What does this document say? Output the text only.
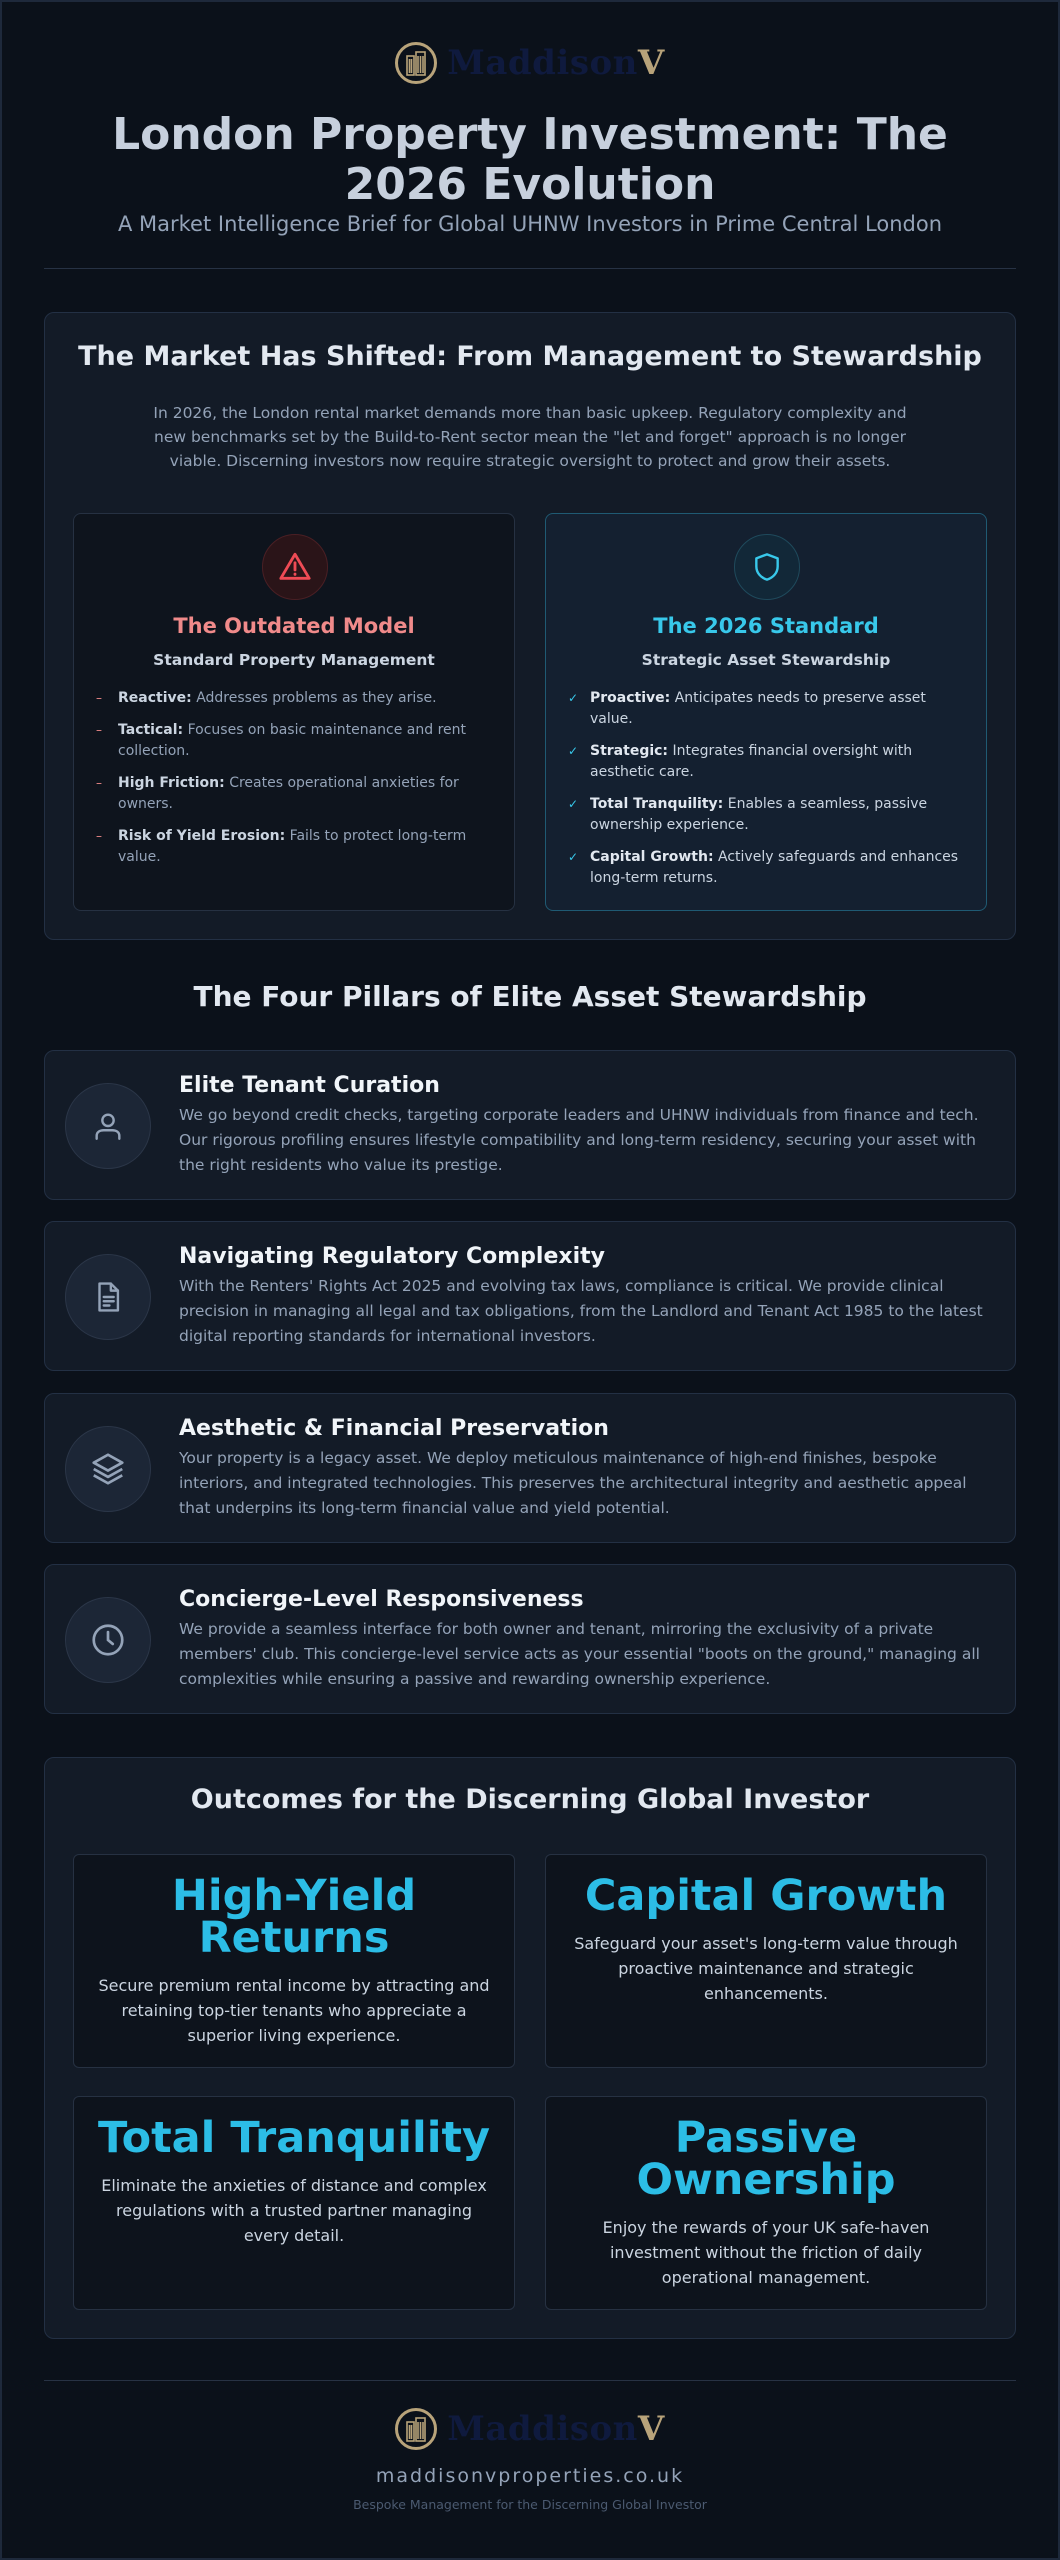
MaddisonV
London Property Investment: The 2026 Evolution
A Market Intelligence Brief for Global UHNW Investors in Prime Central London
The Market Has Shifted: From Management to Stewardship
In 2026, the London rental market demands more than basic upkeep. Regulatory complexity and new benchmarks set by the Build-to-Rent sector mean the "let and forget" approach is no longer viable. Discerning investors now require strategic oversight to protect and grow their assets.
The Outdated Model
Standard Property Management
– Reactive: Addresses problems as they arise.
– Tactical: Focuses on basic maintenance and rent collection.
– High Friction: Creates operational anxieties for owners.
– Risk of Yield Erosion: Fails to protect long-term value.
The 2026 Standard
Strategic Asset Stewardship
✓ Proactive: Anticipates needs to preserve asset value.
✓ Strategic: Integrates financial oversight with aesthetic care.
✓ Total Tranquility: Enables a seamless, passive ownership experience.
✓ Capital Growth: Actively safeguards and enhances long-term returns.
The Four Pillars of Elite Asset Stewardship
Elite Tenant Curation
We go beyond credit checks, targeting corporate leaders and UHNW individuals from finance and tech. Our rigorous profiling ensures lifestyle compatibility and long-term residency, securing your asset with the right residents who value its prestige.
Navigating Regulatory Complexity
With the Renters' Rights Act 2025 and evolving tax laws, compliance is critical. We provide clinical precision in managing all legal and tax obligations, from the Landlord and Tenant Act 1985 to the latest digital reporting standards for international investors.
Aesthetic & Financial Preservation
Your property is a legacy asset. We deploy meticulous maintenance of high-end finishes, bespoke interiors, and integrated technologies. This preserves the architectural integrity and aesthetic appeal that underpins its long-term financial value and yield potential.
Concierge-Level Responsiveness
We provide a seamless interface for both owner and tenant, mirroring the exclusivity of a private members' club. This concierge-level service acts as your essential "boots on the ground," managing all complexities while ensuring a passive and rewarding ownership experience.
Outcomes for the Discerning Global Investor
High-Yield Returns
Secure premium rental income by attracting and retaining top-tier tenants who appreciate a superior living experience.
Capital Growth
Safeguard your asset's long-term value through proactive maintenance and strategic enhancements.
Total Tranquility
Eliminate the anxieties of distance and complex regulations with a trusted partner managing every detail.
Passive Ownership
Enjoy the rewards of your UK safe-haven investment without the friction of daily operational management.
MaddisonV
maddisonvproperties.co.uk
Bespoke Management for the Discerning Global Investor
